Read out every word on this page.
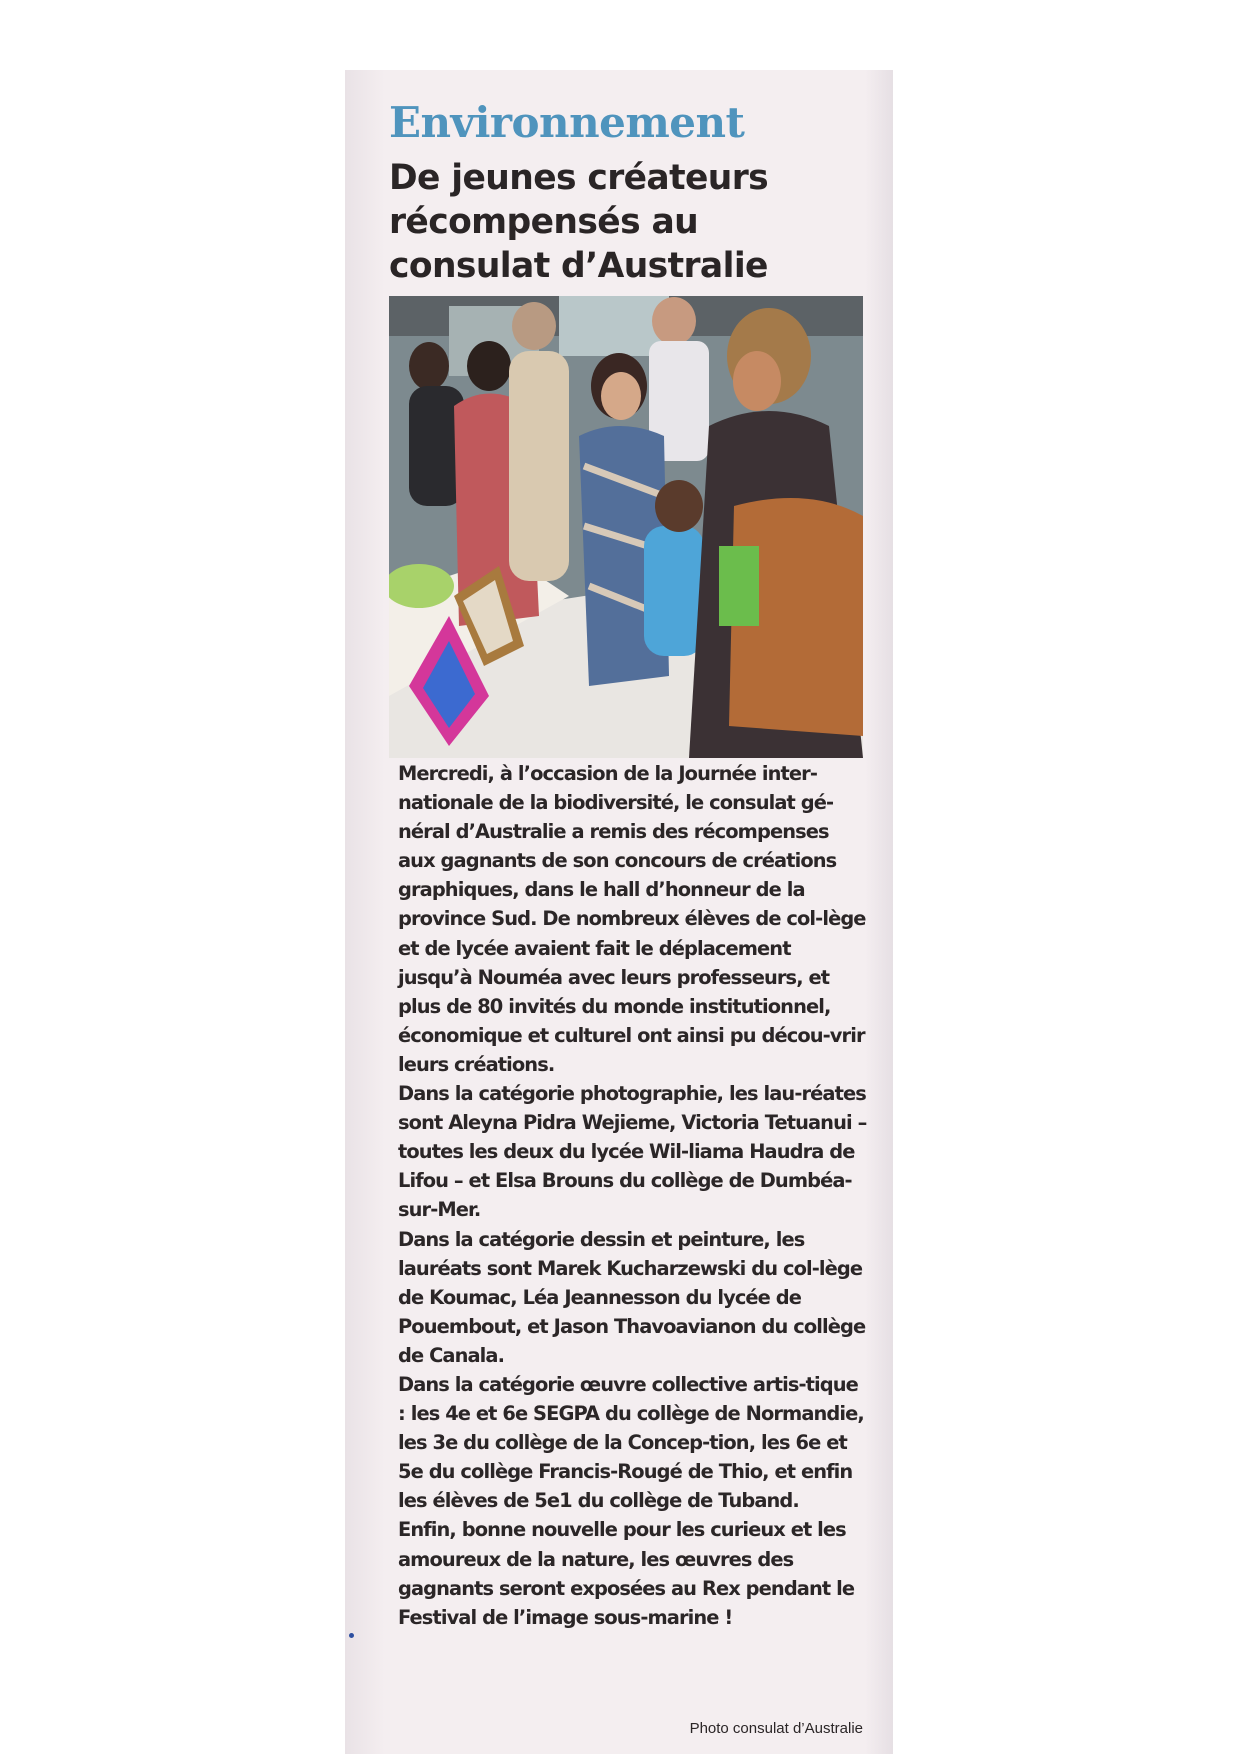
Environnement
De jeunes créateurs récompensés au consulat d’Australie

Mercredi, à l’occasion de la Journée inter-nationale de la biodiversité, le consulat gé-néral d’Australie a remis des récompenses aux gagnants de son concours de créations graphiques, dans le hall d’honneur de la province Sud. De nombreux élèves de col-lège et de lycée avaient fait le déplacement jusqu’à Nouméa avec leurs professeurs, et plus de 80 invités du monde institutionnel, économique et culturel ont ainsi pu décou-vrir leurs créations.

Dans la catégorie photographie, les lau-réates sont Aleyna Pidra Wejieme, Victoria Tetuanui – toutes les deux du lycée Wil-liama Haudra de Lifou – et Elsa Brouns du collège de Dumbéa-sur-Mer.

Dans la catégorie dessin et peinture, les lauréats sont Marek Kucharzewski du col-lège de Koumac, Léa Jeannesson du lycée de Pouembout, et Jason Thavoavianon du collège de Canala.

Dans la catégorie œuvre collective artis-tique : les 4e et 6e SEGPA du collège de Normandie, les 3e du collège de la Concep-tion, les 6e et 5e du collège Francis-Rougé de Thio, et enfin les élèves de 5e1 du collège de Tuband.

Enfin, bonne nouvelle pour les curieux et les amoureux de la nature, les œuvres des gagnants seront exposées au Rex pendant le Festival de l’image sous-marine !

Photo consulat d’Australie
